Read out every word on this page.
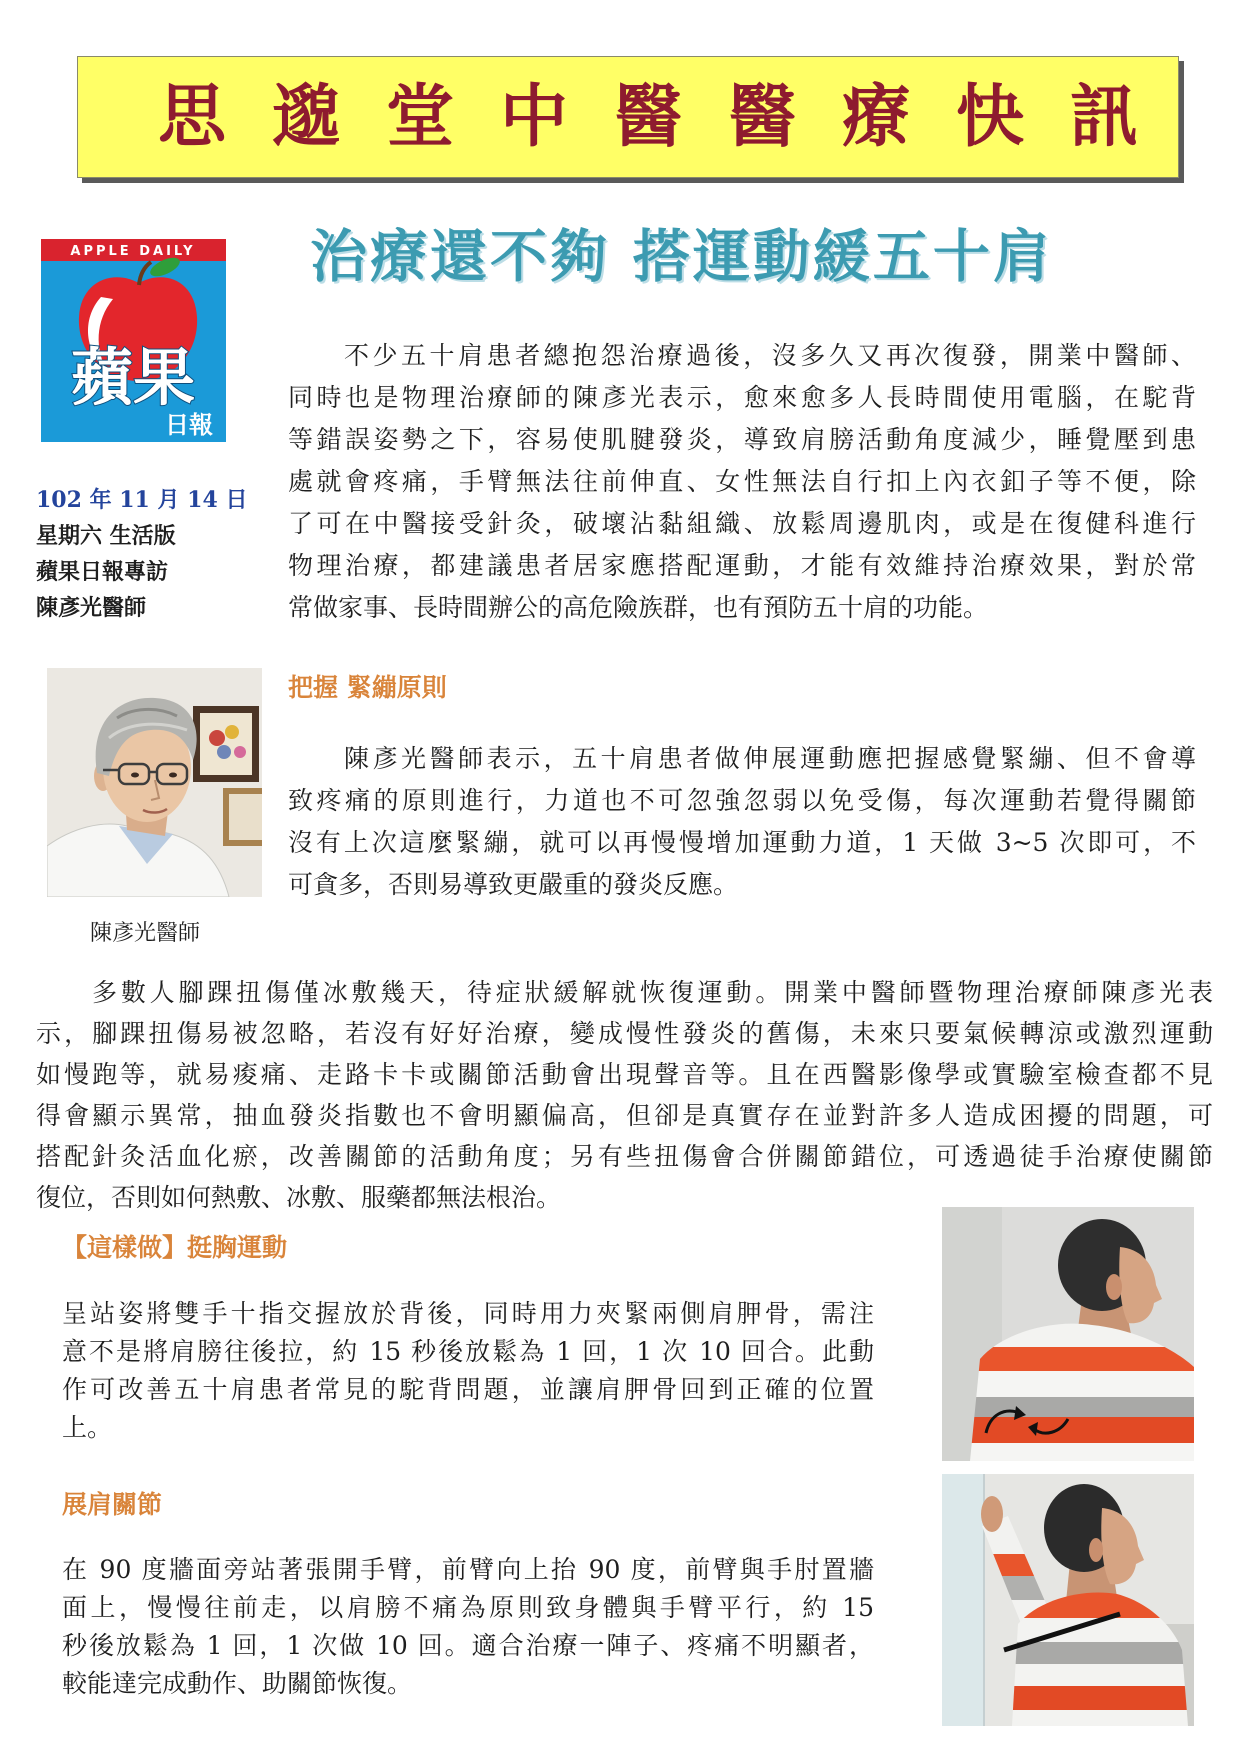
思邈堂中醫醫療快訊
APPLE DAILY
蘋果
日報
治療還不夠 搭運動緩五十肩
102 年 11 月 14 日
星期六 生活版
蘋果日報專訪
陳彥光醫師
不少五十肩患者總抱怨治療過後，沒多久又再次復發，開業中醫師、
同時也是物理治療師的陳彥光表示，愈來愈多人長時間使用電腦，在駝背
等錯誤姿勢之下，容易使肌腱發炎，導致肩膀活動角度減少，睡覺壓到患
處就會疼痛，手臂無法往前伸直、女性無法自行扣上內衣釦子等不便，除
了可在中醫接受針灸，破壞沾黏組織、放鬆周邊肌肉，或是在復健科進行
物理治療，都建議患者居家應搭配運動，才能有效維持治療效果，對於常
常做家事、長時間辦公的高危險族群，也有預防五十肩的功能。
陳彥光醫師
把握 緊繃原則
陳彥光醫師表示，五十肩患者做伸展運動應把握感覺緊繃、但不會導
致疼痛的原則進行，力道也不可忽強忽弱以免受傷，每次運動若覺得關節
沒有上次這麼緊繃，就可以再慢慢增加運動力道，1 天做 3~5 次即可，不
可貪多，否則易導致更嚴重的發炎反應。
多數人腳踝扭傷僅冰敷幾天，待症狀緩解就恢復運動。開業中醫師暨物理治療師陳彥光表
示，腳踝扭傷易被忽略，若沒有好好治療，變成慢性發炎的舊傷，未來只要氣候轉涼或激烈運動
如慢跑等，就易痠痛、走路卡卡或關節活動會出現聲音等。且在西醫影像學或實驗室檢查都不見
得會顯示異常，抽血發炎指數也不會明顯偏高，但卻是真實存在並對許多人造成困擾的問題，可
搭配針灸活血化瘀，改善關節的活動角度；另有些扭傷會合併關節錯位，可透過徒手治療使關節
復位，否則如何熱敷、冰敷、服藥都無法根治。
【這樣做】挺胸運動
呈站姿將雙手十指交握放於背後，同時用力夾緊兩側肩胛骨，需注
意不是將肩膀往後拉，約 15 秒後放鬆為 1 回，1 次 10 回合。此動
作可改善五十肩患者常見的駝背問題，並讓肩胛骨回到正確的位置
上。
展肩關節
在 90 度牆面旁站著張開手臂，前臂向上抬 90 度，前臂與手肘置牆
面上，慢慢往前走，以肩膀不痛為原則致身體與手臂平行，約 15
秒後放鬆為 1 回，1 次做 10 回。適合治療一陣子、疼痛不明顯者，
較能達完成動作、助關節恢復。
